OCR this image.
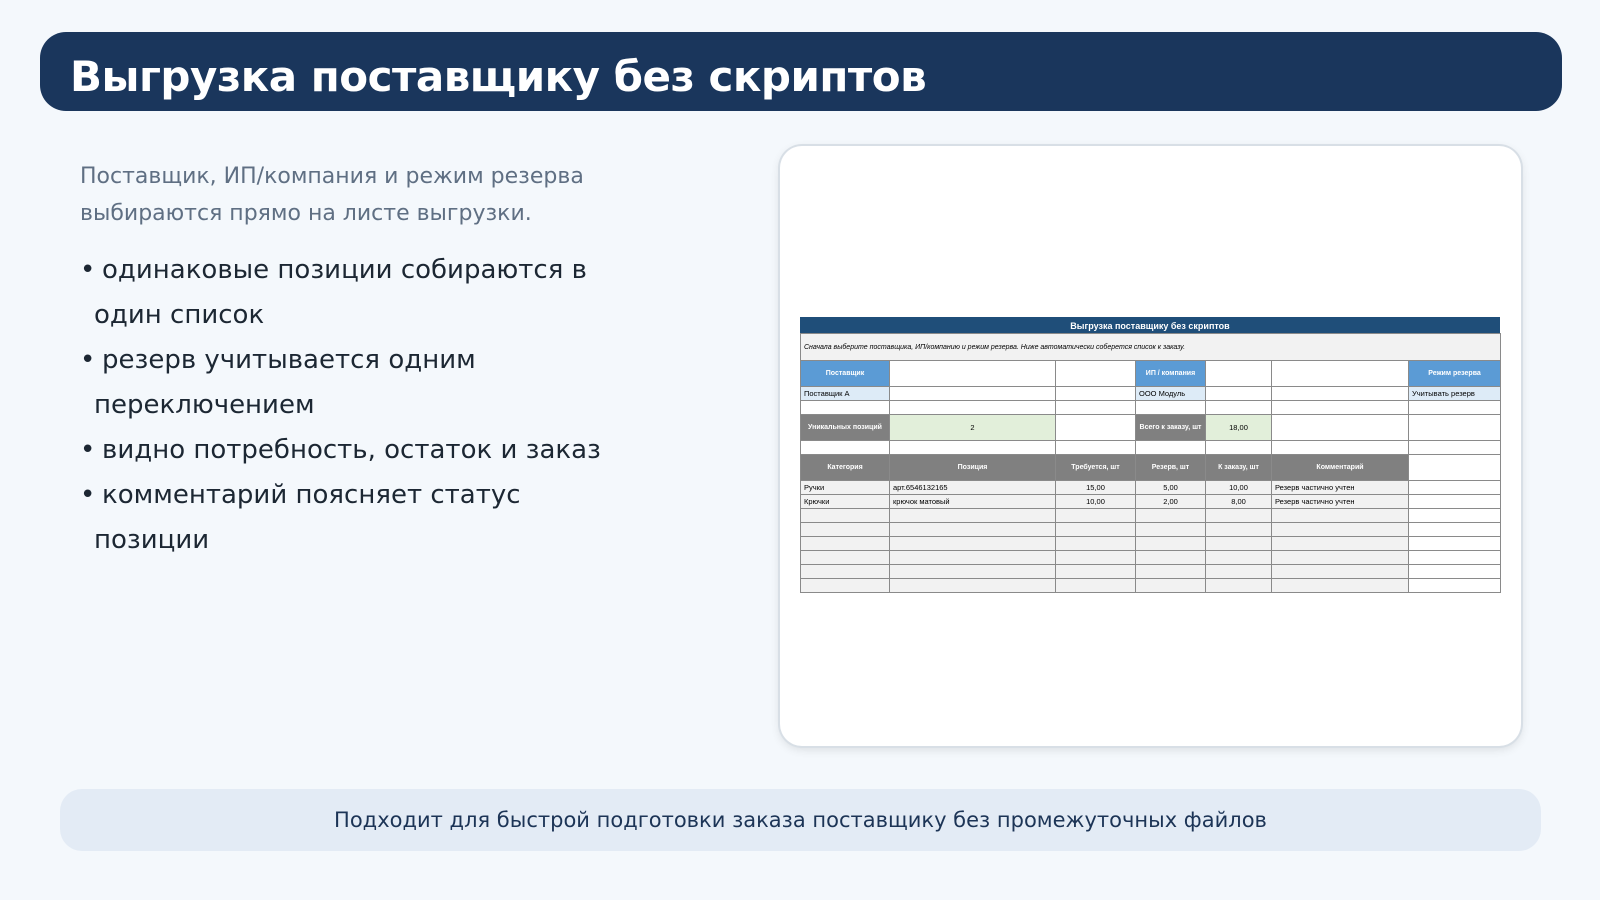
Выгрузка поставщику без скриптов
Поставщик, ИП/компания и режим резерва выбираются прямо на листе выгрузки.
• одинаковые позиции собираются в один список
• резерв учитывается одним переключением
• видно потребность, остаток и заказ
• комментарий поясняет статус позиции
Выгрузка поставщику без скриптов
Сначала выберите поставщика, ИП/компанию и режим резерва. Ниже автоматически соберется список к заказу.						
Поставщик			ИП / компания			Режим резерва
Поставщик А			ООО Модуль			Учитывать резерв

Уникальных позиций	2		Всего к заказу, шт	18,00		

Категория	Позиция	Требуется, шт	Резерв, шт	К заказу, шт	Комментарий	
Ручки	арт.6546132165	15,00	5,00	10,00	Резерв частично учтен	
Крючки	крючок матовый	10,00	2,00	8,00	Резерв частично учтен	

Подходит для быстрой подготовки заказа поставщику без промежуточных файлов
